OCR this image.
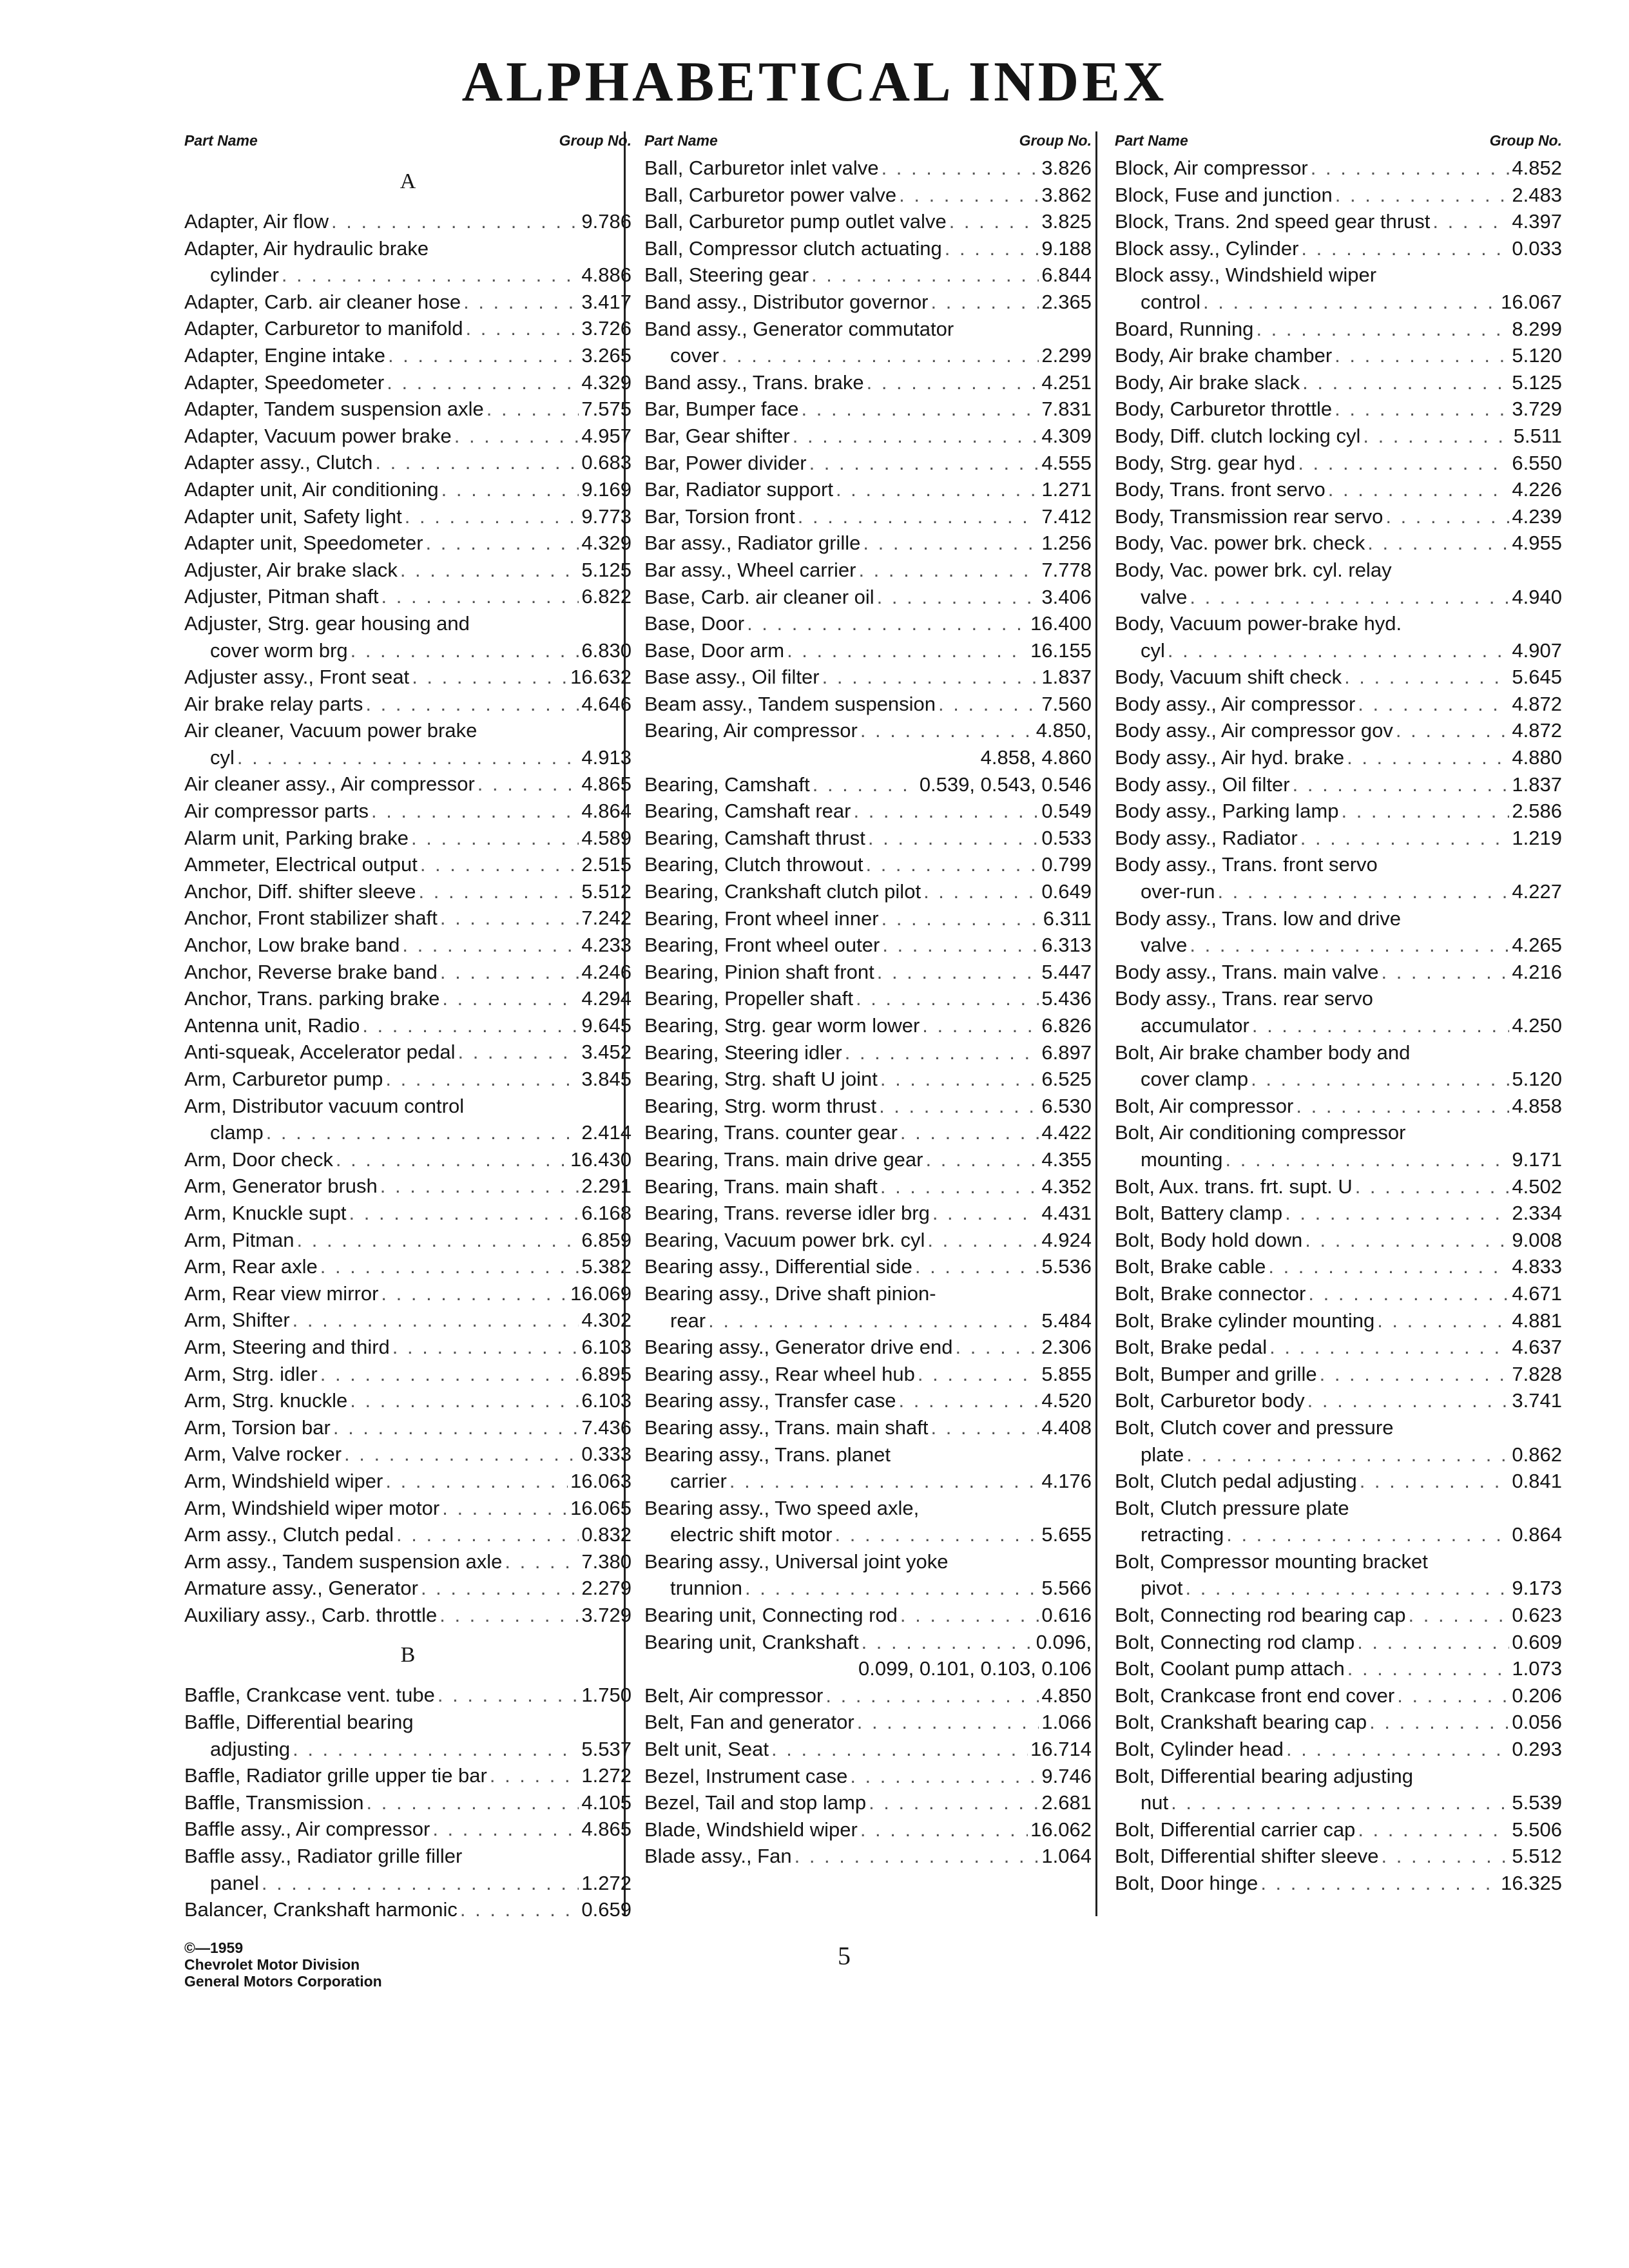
ALPHABETICAL INDEX
Part Name	Group No.
A
Adapter, Air flow . . .	9.786
Adapter, Air hydraulic brake
cylinder . . .	4.886
Adapter, Carb. air cleaner hose . . .	3.417
Adapter, Carburetor to manifold . . .	3.726
Adapter, Engine intake . . .	3.265
Adapter, Speedometer . . .	4.329
Adapter, Tandem suspension axle . . .	7.575
Adapter, Vacuum power brake . . .	4.957
Adapter assy., Clutch . . .	0.683
Adapter unit, Air conditioning . . .	9.169
Adapter unit, Safety light . . .	9.773
Adapter unit, Speedometer . . .	4.329
Adjuster, Air brake slack . . .	5.125
Adjuster, Pitman shaft . . .	6.822
Adjuster, Strg. gear housing and
cover worm brg . . .	6.830
Adjuster assy., Front seat . . .	16.632
Air brake relay parts . . .	4.646
Air cleaner, Vacuum power brake
cyl . . .	4.913
Air cleaner assy., Air compressor . . .	4.865
Air compressor parts . . .	4.864
Alarm unit, Parking brake . . .	4.589
Ammeter, Electrical output . . .	2.515
Anchor, Diff. shifter sleeve . . .	5.512
Anchor, Front stabilizer shaft . . .	7.242
Anchor, Low brake band . . .	4.233
Anchor, Reverse brake band . . .	4.246
Anchor, Trans. parking brake . . .	4.294
Antenna unit, Radio . . .	9.645
Anti-squeak, Accelerator pedal . . .	3.452
Arm, Carburetor pump . . .	3.845
Arm, Distributor vacuum control
clamp . . .	2.414
Arm, Door check . . .	16.430
Arm, Generator brush . . .	2.291
Arm, Knuckle supt . . .	6.168
Arm, Pitman . . .	6.859
Arm, Rear axle . . .	5.382
Arm, Rear view mirror . . .	16.069
Arm, Shifter . . .	4.302
Arm, Steering and third . . .	6.103
Arm, Strg. idler . . .	6.895
Arm, Strg. knuckle . . .	6.103
Arm, Torsion bar . . .	7.436
Arm, Valve rocker . . .	0.333
Arm, Windshield wiper . . .	16.063
Arm, Windshield wiper motor . . .	16.065
Arm assy., Clutch pedal . . .	0.832
Arm assy., Tandem suspension axle . . .	7.380
Armature assy., Generator . . .	2.279
Auxiliary assy., Carb. throttle . . .	3.729
B
Baffle, Crankcase vent. tube . . .	1.750
Baffle, Differential bearing
adjusting . . .	5.537
Baffle, Radiator grille upper tie bar . . .	1.272
Baffle, Transmission . . .	4.105
Baffle assy., Air compressor . . .	4.865
Baffle assy., Radiator grille filler
panel . . .	1.272
Balancer, Crankshaft harmonic . . .	0.659
Part Name	Group No.
Ball, Carburetor inlet valve . . .	3.826
Ball, Carburetor power valve . . .	3.862
Ball, Carburetor pump outlet valve . . .	3.825
Ball, Compressor clutch actuating . . .	9.188
Ball, Steering gear . . .	6.844
Band assy., Distributor governor . . .	2.365
Band assy., Generator commutator
cover . . .	2.299
Band assy., Trans. brake . . .	4.251
Bar, Bumper face . . .	7.831
Bar, Gear shifter . . .	4.309
Bar, Power divider . . .	4.555
Bar, Radiator support . . .	1.271
Bar, Torsion front . . .	7.412
Bar assy., Radiator grille . . .	1.256
Bar assy., Wheel carrier . . .	7.778
Base, Carb. air cleaner oil . . .	3.406
Base, Door . . .	16.400
Base, Door arm . . .	16.155
Base assy., Oil filter . . .	1.837
Beam assy., Tandem suspension . . .	7.560
Bearing, Air compressor . . .	4.850,
4.858, 4.860
Bearing, Camshaft . . .	0.539, 0.543, 0.546
Bearing, Camshaft rear . . .	0.549
Bearing, Camshaft thrust . . .	0.533
Bearing, Clutch throwout . . .	0.799
Bearing, Crankshaft clutch pilot . . .	0.649
Bearing, Front wheel inner . . .	6.311
Bearing, Front wheel outer . . .	6.313
Bearing, Pinion shaft front . . .	5.447
Bearing, Propeller shaft . . .	5.436
Bearing, Strg. gear worm lower . . .	6.826
Bearing, Steering idler . . .	6.897
Bearing, Strg. shaft U joint . . .	6.525
Bearing, Strg. worm thrust . . .	6.530
Bearing, Trans. counter gear . . .	4.422
Bearing, Trans. main drive gear . . .	4.355
Bearing, Trans. main shaft . . .	4.352
Bearing, Trans. reverse idler brg . . .	4.431
Bearing, Vacuum power brk. cyl . . .	4.924
Bearing assy., Differential side . . .	5.536
Bearing assy., Drive shaft pinion-
rear . . .	5.484
Bearing assy., Generator drive end . . .	2.306
Bearing assy., Rear wheel hub . . .	5.855
Bearing assy., Transfer case . . .	4.520
Bearing assy., Trans. main shaft . . .	4.408
Bearing assy., Trans. planet
carrier . . .	4.176
Bearing assy., Two speed axle,
electric shift motor . . .	5.655
Bearing assy., Universal joint yoke
trunnion . . .	5.566
Bearing unit, Connecting rod . . .	0.616
Bearing unit, Crankshaft . . .	0.096,
0.099, 0.101, 0.103, 0.106
Belt, Air compressor . . .	4.850
Belt, Fan and generator . . .	1.066
Belt unit, Seat . . .	16.714
Bezel, Instrument case . . .	9.746
Bezel, Tail and stop lamp . . .	2.681
Blade, Windshield wiper . . .	16.062
Blade assy., Fan . . .	1.064
Part Name	Group No.
Block, Air compressor . . .	4.852
Block, Fuse and junction . . .	2.483
Block, Trans. 2nd speed gear thrust . . .	4.397
Block assy., Cylinder . . .	0.033
Block assy., Windshield wiper
control . . .	16.067
Board, Running . . .	8.299
Body, Air brake chamber . . .	5.120
Body, Air brake slack . . .	5.125
Body, Carburetor throttle . . .	3.729
Body, Diff. clutch locking cyl . . .	5.511
Body, Strg. gear hyd . . .	6.550
Body, Trans. front servo . . .	4.226
Body, Transmission rear servo . . .	4.239
Body, Vac. power brk. check . . .	4.955
Body, Vac. power brk. cyl. relay
valve . . .	4.940
Body, Vacuum power-brake hyd.
cyl . . .	4.907
Body, Vacuum shift check . . .	5.645
Body assy., Air compressor . . .	4.872
Body assy., Air compressor gov . . .	4.872
Body assy., Air hyd. brake . . .	4.880
Body assy., Oil filter . . .	1.837
Body assy., Parking lamp . . .	2.586
Body assy., Radiator . . .	1.219
Body assy., Trans. front servo
over-run . . .	4.227
Body assy., Trans. low and drive
valve . . .	4.265
Body assy., Trans. main valve . . .	4.216
Body assy., Trans. rear servo
accumulator . . .	4.250
Bolt, Air brake chamber body and
cover clamp . . .	5.120
Bolt, Air compressor . . .	4.858
Bolt, Air conditioning compressor
mounting . . .	9.171
Bolt, Aux. trans. frt. supt. U . . .	4.502
Bolt, Battery clamp . . .	2.334
Bolt, Body hold down . . .	9.008
Bolt, Brake cable . . .	4.833
Bolt, Brake connector . . .	4.671
Bolt, Brake cylinder mounting . . .	4.881
Bolt, Brake pedal . . .	4.637
Bolt, Bumper and grille . . .	7.828
Bolt, Carburetor body . . .	3.741
Bolt, Clutch cover and pressure
plate . . .	0.862
Bolt, Clutch pedal adjusting . . .	0.841
Bolt, Clutch pressure plate
retracting . . .	0.864
Bolt, Compressor mounting bracket
pivot . . .	9.173
Bolt, Connecting rod bearing cap . . .	0.623
Bolt, Connecting rod clamp . . .	0.609
Bolt, Coolant pump attach . . .	1.073
Bolt, Crankcase front end cover . . .	0.206
Bolt, Crankshaft bearing cap . . .	0.056
Bolt, Cylinder head . . .	0.293
Bolt, Differential bearing adjusting
nut . . .	5.539
Bolt, Differential carrier cap . . .	5.506
Bolt, Differential shifter sleeve . . .	5.512
Bolt, Door hinge . . .	16.325
©—1959
Chevrolet Motor Division
General Motors Corporation
5
